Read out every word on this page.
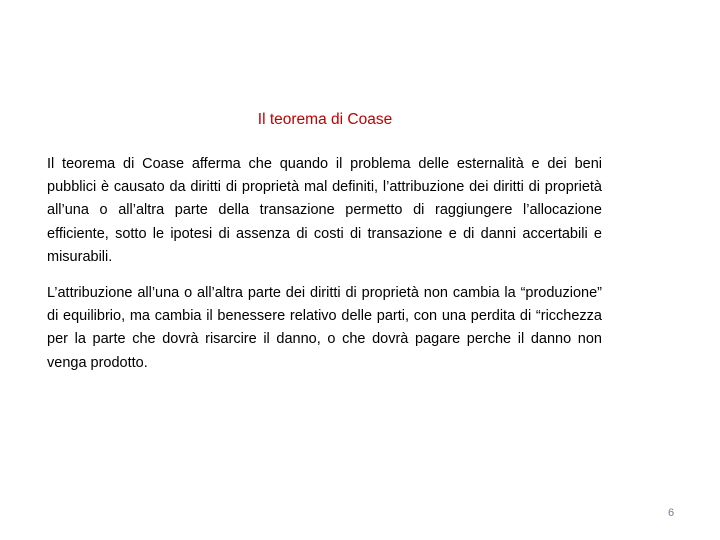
Il teorema di Coase

Il teorema di Coase afferma che quando il problema delle esternalità e dei beni pubblici è causato da diritti di proprietà mal definiti, l’attribuzione dei diritti di proprietà all’una o all’altra parte della transazione permetto di raggiungere l’allocazione efficiente, sotto le ipotesi di assenza di costi di transazione e di danni accertabili e misurabili.

L’attribuzione all’una o all’altra parte dei diritti di proprietà non cambia la “produzione” di equilibrio, ma cambia il benessere relativo delle parti, con una perdita di “ricchezza per la parte che dovrà risarcire il danno, o che dovrà pagare perche il danno non venga prodotto.

6
